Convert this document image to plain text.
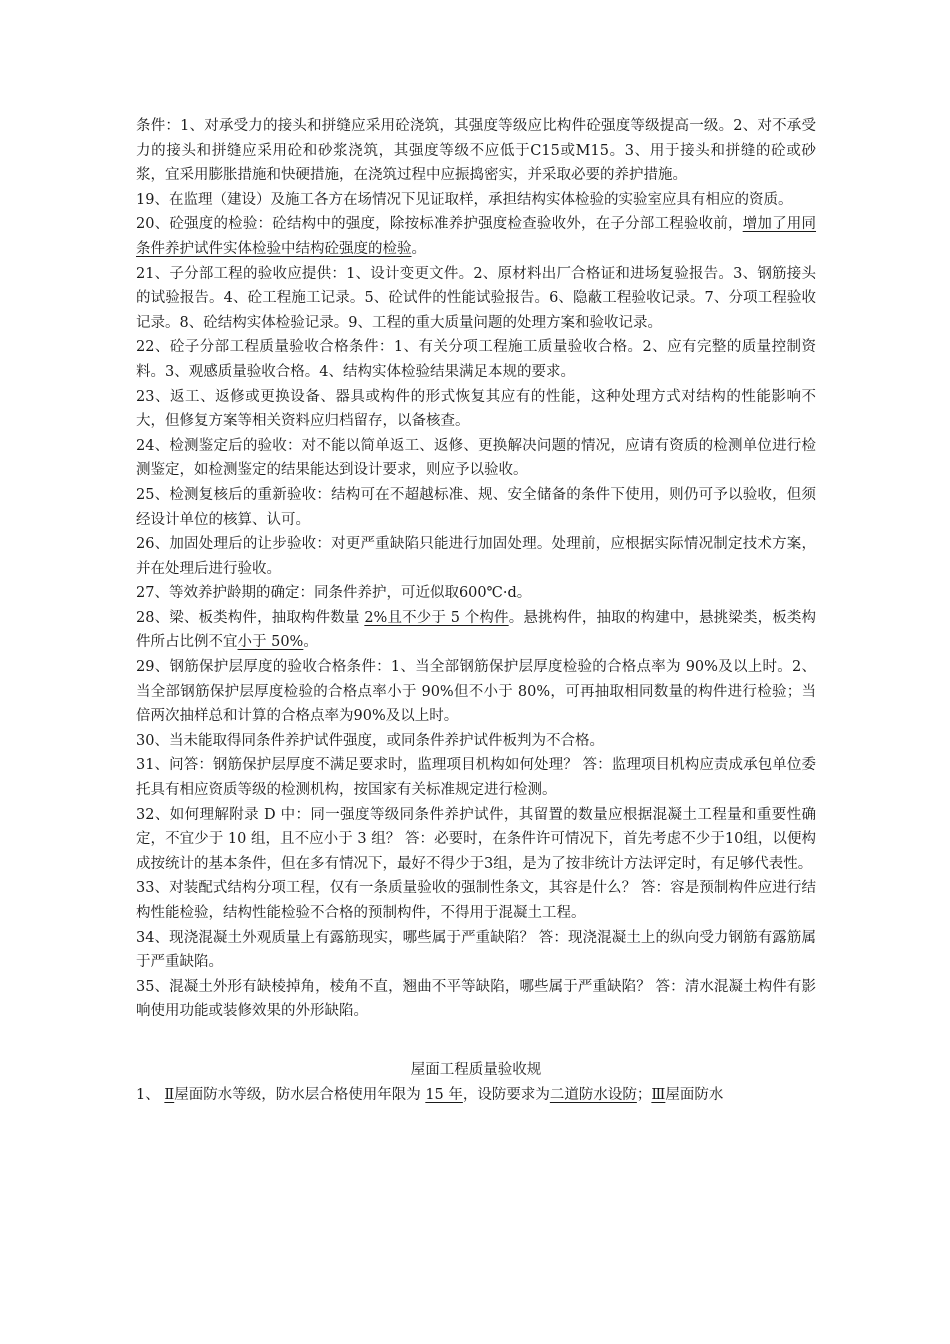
条件：1、对承受力的接头和拼缝应采用砼浇筑，其强度等级应比构件砼强度等级提高一级。2、对不承受力的接头和拼缝应采用砼和砂浆浇筑，其强度等级不应低于C15或M15。3、用于接头和拼缝的砼或砂浆，宜采用膨胀措施和快硬措施，在浇筑过程中应振捣密实，并采取必要的养护措施。

19、在监理（建设）及施工各方在场情况下见证取样，承担结构实体检验的实验室应具有相应的资质。

20、砼强度的检验：砼结构中的强度，除按标准养护强度检查验收外，在子分部工程验收前，增加了用同条件养护试件实体检验中结构砼强度的检验。

21、子分部工程的验收应提供：1、设计变更文件。2、原材料出厂合格证和进场复验报告。3、钢筋接头的试验报告。4、砼工程施工记录。5、砼试件的性能试验报告。6、隐蔽工程验收记录。7、分项工程验收记录。8、砼结构实体检验记录。9、工程的重大质量问题的处理方案和验收记录。

22、砼子分部工程质量验收合格条件：1、有关分项工程施工质量验收合格。2、应有完整的质量控制资料。3、观感质量验收合格。4、结构实体检验结果满足本规的要求。

23、返工、返修或更换设备、器具或构件的形式恢复其应有的性能，这种处理方式对结构的性能影响不大，但修复方案等相关资料应归档留存，以备核查。

24、检测鉴定后的验收：对不能以简单返工、返修、更换解决问题的情况，应请有资质的检测单位进行检测鉴定，如检测鉴定的结果能达到设计要求，则应予以验收。

25、检测复核后的重新验收：结构可在不超越标准、规、安全储备的条件下使用，则仍可予以验收，但须经设计单位的核算、认可。

26、加固处理后的让步验收：对更严重缺陷只能进行加固处理。处理前，应根据实际情况制定技术方案，并在处理后进行验收。

27、等效养护龄期的确定：同条件养护，可近似取600℃·d。

28、梁、板类构件，抽取构件数量 2%且不少于 5 个构件。悬挑构件，抽取的构建中，悬挑梁类，板类构件所占比例不宜小于 50%。

29、钢筋保护层厚度的验收合格条件：1、当全部钢筋保护层厚度检验的合格点率为 90%及以上时。2、当全部钢筋保护层厚度检验的合格点率小于 90%但不小于 80%，可再抽取相同数量的构件进行检验；当倍两次抽样总和计算的合格点率为90%及以上时。

30、当未能取得同条件养护试件强度，或同条件养护试件板判为不合格。

31、问答：钢筋保护层厚度不满足要求时，监理项目机构如何处理？ 答：监理项目机构应责成承包单位委托具有相应资质等级的检测机构，按国家有关标准规定进行检测。

32、如何理解附录 D 中：同一强度等级同条件养护试件，其留置的数量应根据混凝土工程量和重要性确定，不宜少于 10 组，且不应小于 3 组？ 答：必要时，在条件许可情况下，首先考虑不少于10组，以便构成按统计的基本条件，但在多有情况下，最好不得少于3组，是为了按非统计方法评定时，有足够代表性。

33、对装配式结构分项工程，仅有一条质量验收的强制性条文，其容是什么？ 答：容是预制构件应进行结构性能检验，结构性能检验不合格的预制构件，不得用于混凝土工程。

34、现浇混凝土外观质量上有露筋现实，哪些属于严重缺陷？ 答：现浇混凝土上的纵向受力钢筋有露筋属于严重缺陷。

35、混凝土外形有缺棱掉角，棱角不直，翘曲不平等缺陷，哪些属于严重缺陷？ 答：清水混凝土构件有影响使用功能或装修效果的外形缺陷。

屋面工程质量验收规

1、 Ⅱ屋面防水等级，防水层合格使用年限为 15 年，设防要求为二道防水设防；Ⅲ屋面防水
